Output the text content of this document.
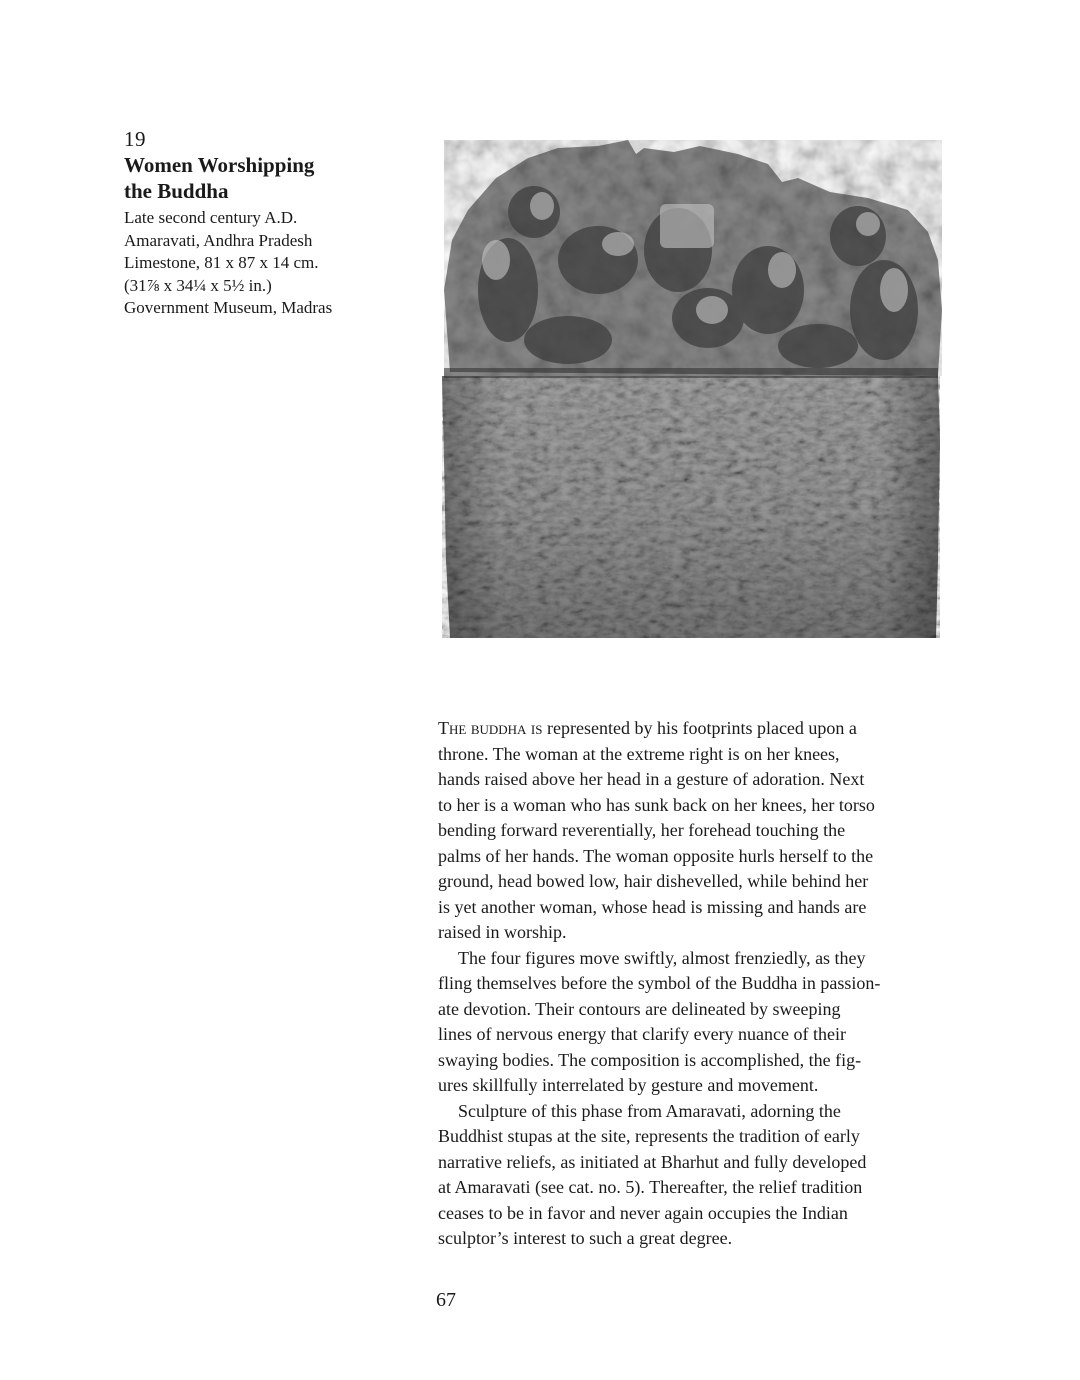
19
Women Worshipping
the Buddha
Late second century A.D.
Amaravati, Andhra Pradesh
Limestone, 81 x 87 x 14 cm.
(31⅞ x 34¼ x 5½ in.)
Government Museum, Madras

The buddha is represented by his footprints placed upon a
throne. The woman at the extreme right is on her knees,
hands raised above her head in a gesture of adoration. Next
to her is a woman who has sunk back on her knees, her torso
bending forward reverentially, her forehead touching the
palms of her hands. The woman opposite hurls herself to the
ground, head bowed low, hair dishevelled, while behind her
is yet another woman, whose head is missing and hands are
raised in worship.

The four figures move swiftly, almost frenziedly, as they
fling themselves before the symbol of the Buddha in passion-
ate devotion. Their contours are delineated by sweeping
lines of nervous energy that clarify every nuance of their
swaying bodies. The composition is accomplished, the fig-
ures skillfully interrelated by gesture and movement.

Sculpture of this phase from Amaravati, adorning the
Buddhist stupas at the site, represents the tradition of early
narrative reliefs, as initiated at Bharhut and fully developed
at Amaravati (see cat. no. 5). Thereafter, the relief tradition
ceases to be in favor and never again occupies the Indian
sculptor’s interest to such a great degree.

67
